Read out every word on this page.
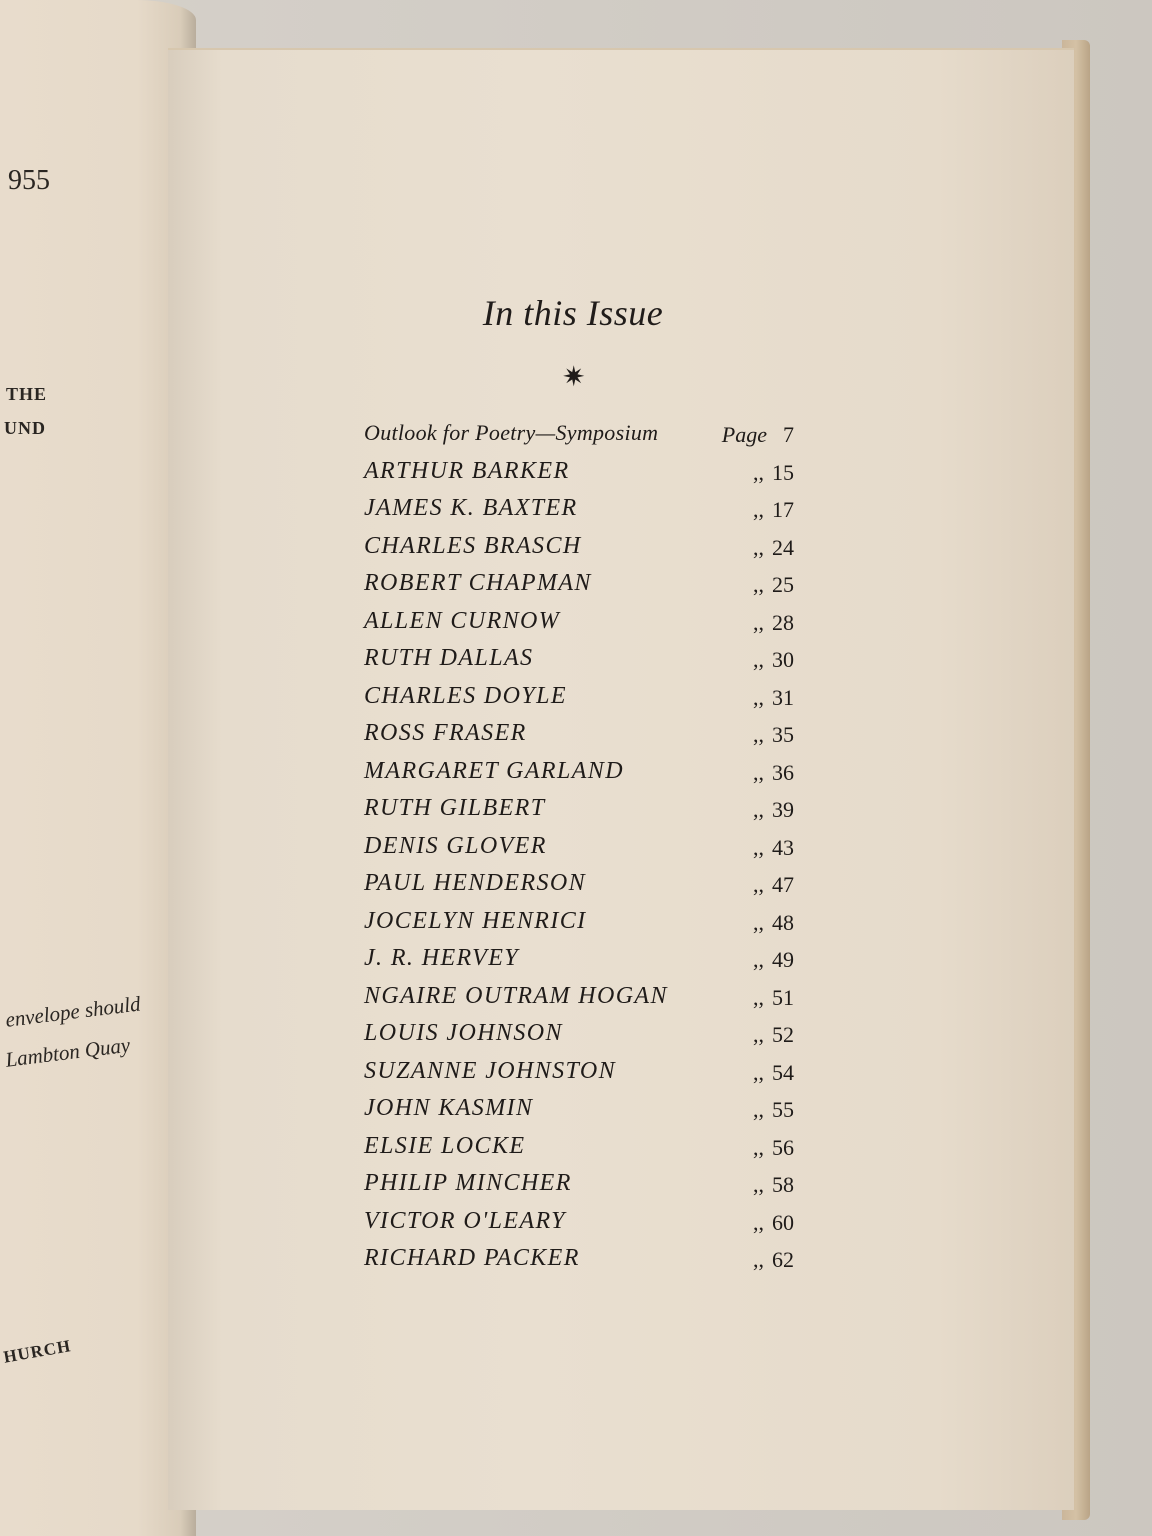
955
THE
UND
envelope should
Lambton Quay
HURCH
In this Issue
✷
Outlook for Poetry—Symposium	Page 7
ARTHUR BARKER	,, 15
JAMES K. BAXTER	,, 17
CHARLES BRASCH	,, 24
ROBERT CHAPMAN	,, 25
ALLEN CURNOW	,, 28
RUTH DALLAS	,, 30
CHARLES DOYLE	,, 31
ROSS FRASER	,, 35
MARGARET GARLAND	,, 36
RUTH GILBERT	,, 39
DENIS GLOVER	,, 43
PAUL HENDERSON	,, 47
JOCELYN HENRICI	,, 48
J. R. HERVEY	,, 49
NGAIRE OUTRAM HOGAN	,, 51
LOUIS JOHNSON	,, 52
SUZANNE JOHNSTON	,, 54
JOHN KASMIN	,, 55
ELSIE LOCKE	,, 56
PHILIP MINCHER	,, 58
VICTOR O'LEARY	,, 60
RICHARD PACKER	,, 62
